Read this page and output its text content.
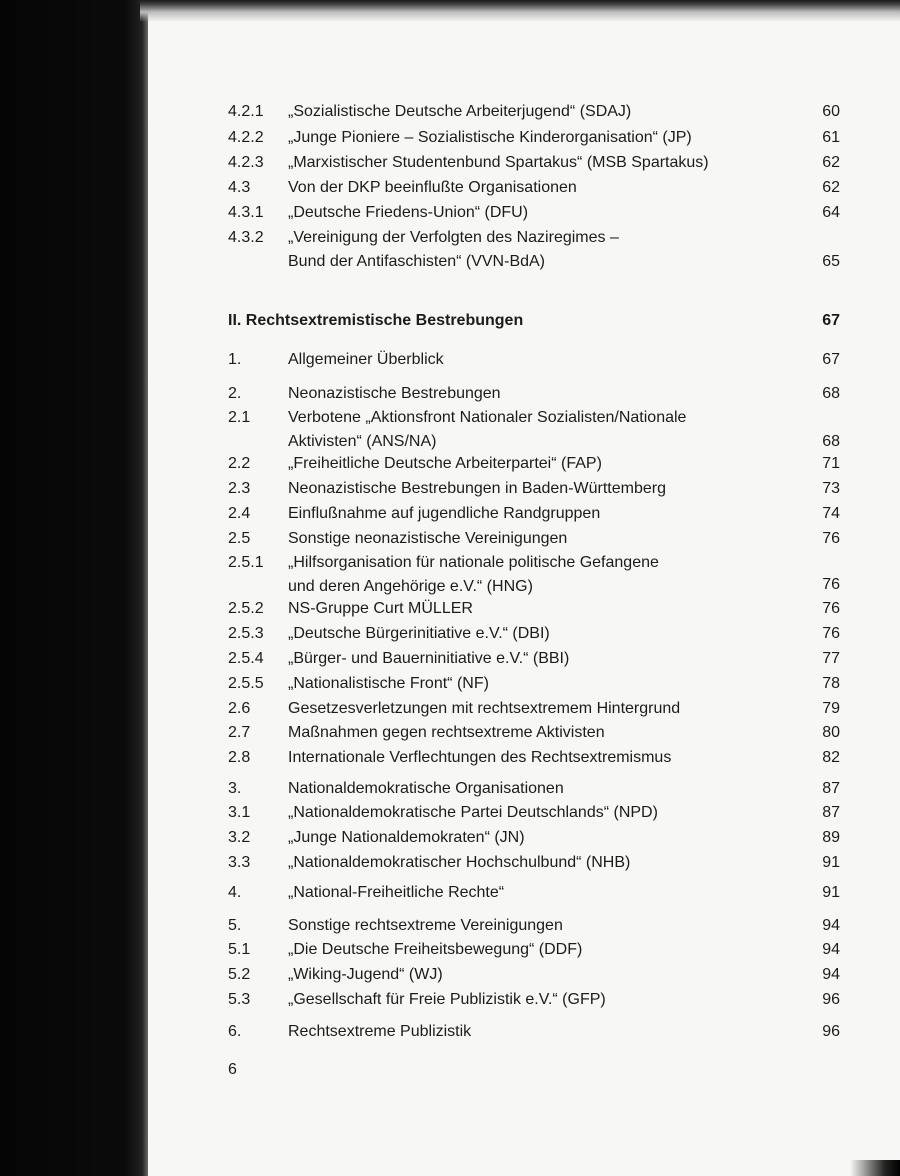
4.2.1 „Sozialistische Deutsche Arbeiterjugend“ (SDAJ)	60
4.2.2 „Junge Pioniere – Sozialistische Kinderorganisation“ (JP)	61
4.2.3 „Marxistischer Studentenbund Spartakus“ (MSB Spartakus)	62
4.3 Von der DKP beeinflußte Organisationen	62
4.3.1 „Deutsche Friedens-Union“ (DFU)	64
4.3.2 „Vereinigung der Verfolgten des Naziregimes –
Bund der Antifaschisten“ (VVN-BdA)	65
II. Rechtsextremistische Bestrebungen	67
1.	Allgemeiner Überblick	67
2.	Neonazistische Bestrebungen	68
2.1 Verbotene „Aktionsfront Nationaler Sozialisten/Nationale
Aktivisten“ (ANS/NA)	68
2.2 „Freiheitliche Deutsche Arbeiterpartei“ (FAP)	71
2.3 Neonazistische Bestrebungen in Baden-Württemberg	73
2.4 Einflußnahme auf jugendliche Randgruppen	74
2.5 Sonstige neonazistische Vereinigungen	76
2.5.1 „Hilfsorganisation für nationale politische Gefangene
und deren Angehörige e.V.“ (HNG)	76
2.5.2 NS-Gruppe Curt MÜLLER	76
2.5.3 „Deutsche Bürgerinitiative e.V.“ (DBI)	76
2.5.4 „Bürger- und Bauerninitiative e.V.“ (BBI)	77
2.5.5 „Nationalistische Front“ (NF)	78
2.6 Gesetzesverletzungen mit rechtsextremem Hintergrund	79
2.7 Maßnahmen gegen rechtsextreme Aktivisten	80
2.8 Internationale Verflechtungen des Rechtsextremismus	82
3.	Nationaldemokratische Organisationen	87
3.1 „Nationaldemokratische Partei Deutschlands“ (NPD)	87
3.2 „Junge Nationaldemokraten“ (JN)	89
3.3 „Nationaldemokratischer Hochschulbund“ (NHB)	91
4.	„National-Freiheitliche Rechte“	91
5.	Sonstige rechtsextreme Vereinigungen	94
5.1 „Die Deutsche Freiheitsbewegung“ (DDF)	94
5.2 „Wiking-Jugend“ (WJ)	94
5.3 „Gesellschaft für Freie Publizistik e.V.“ (GFP)	96
6.	Rechtsextreme Publizistik	96
6
